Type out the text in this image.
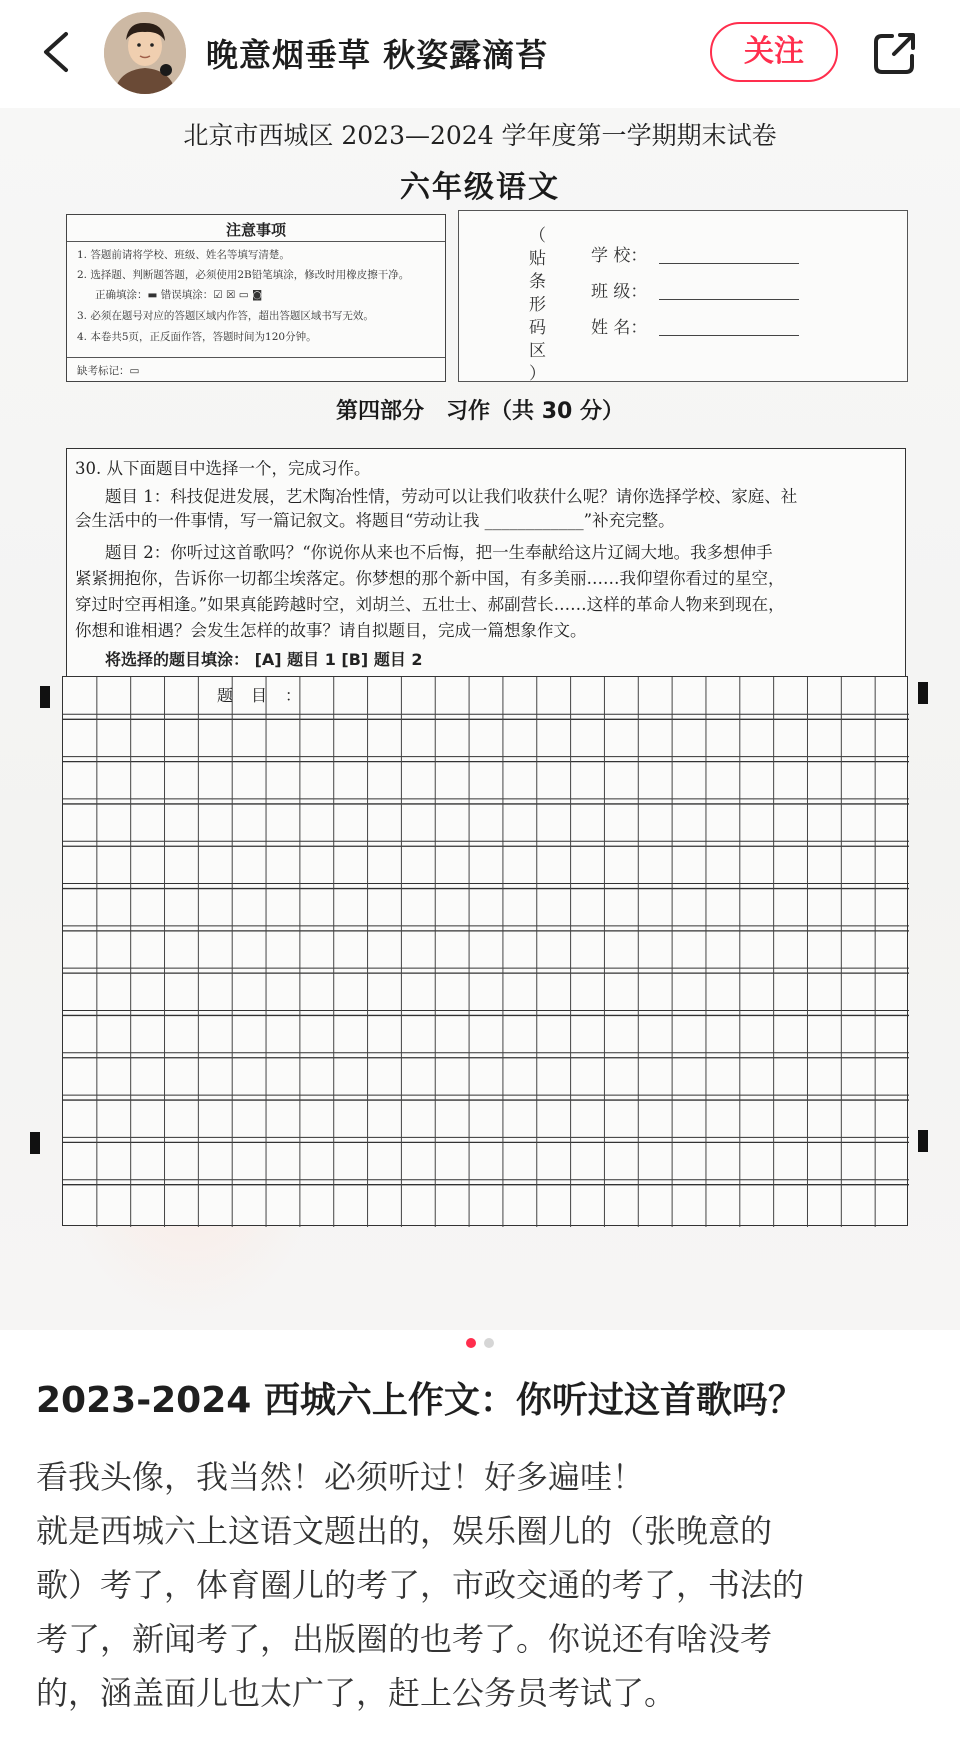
晚意烟垂草 秋姿露滴苔	关注
北京市西城区 2023—2024 学年度第一学期期末试卷
六年级语文
注意事项
1. 答题前请将学校、班级、姓名等填写清楚。
2. 选择题、判断题答题，必须使用2B铅笔填涂，修改时用橡皮擦干净。
正确填涂：▬ 错误填涂：☑ ☒ ▭ ◙
3. 必须在题号对应的答题区域内作答，超出答题区域书写无效。
4. 本卷共5页，正反面作答，答题时间为120分钟。
缺考标记：▭
（
贴
条
形
码
区
）
学 校：
班 级：
姓 名：
第四部分　习作（共 30 分）
30. 从下面题目中选择一个，完成习作。
题目 1：科技促进发展，艺术陶冶性情，劳动可以让我们收获什么呢？请你选择学校、家庭、社
会生活中的一件事情，写一篇记叙文。将题目“劳动让我 ____________”补充完整。
题目 2：你听过这首歌吗？“你说你从来也不后悔，把一生奉献给这片辽阔大地。我多想伸手
紧紧拥抱你，告诉你一切都尘埃落定。你梦想的那个新中国，有多美丽……我仰望你看过的星空，
穿过时空再相逢。”如果真能跨越时空，刘胡兰、五壮士、郝副营长……这样的革命人物来到现在，
你想和谁相遇？会发生怎样的故事？请自拟题目，完成一篇想象作文。
将选择的题目填涂： [A] 题目 1 [B] 题目 2
题 目 ：
2023-2024 西城六上作文：你听过这首歌吗？
看我头像，我当然！必须听过！好多遍哇！
就是西城六上这语文题出的，娱乐圈儿的（张晚意的
歌）考了，体育圈儿的考了，市政交通的考了，书法的
考了，新闻考了，出版圈的也考了。你说还有啥没考
的，涵盖面儿也太广了，赶上公务员考试了。
